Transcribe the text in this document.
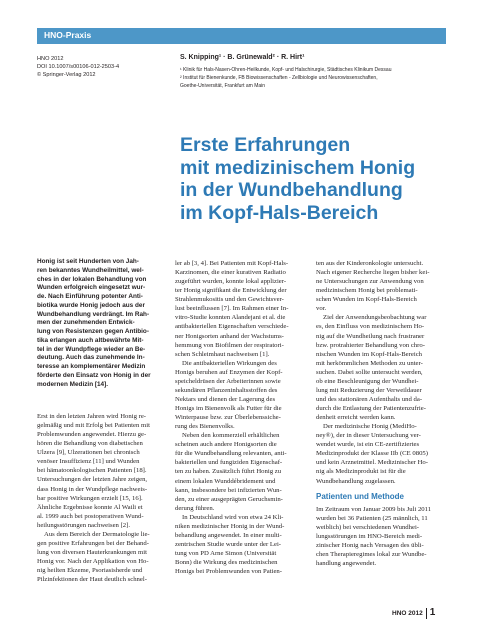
HNO-Praxis
HNO 2012
DOI 10.1007/s00106-012-2503-4
© Springer-Verlag 2012
S. Knipping¹ · B. Grünewald² · R. Hirt¹
¹ Klinik für Hals-Nasen-Ohren-Heilkunde, Kopf- und Halschirurgie, Städtisches Klinikum Dessau
² Institut für Bienenkunde, FB Biowissenschaften - Zellbiologie und Neurowissenschaften,
Goethe-Universität, Frankfurt am Main
Erste Erfahrungen
mit medizinischem Honig
in der Wundbehandlung
im Kopf-Hals-Bereich
Honig ist seit Hunderten von Jah-
ren bekanntes Wundheilmittel, wel-
ches in der lokalen Behandlung von
Wunden erfolgreich eingesetzt wur-
de. Nach Einführung potenter Anti-
biotika wurde Honig jedoch aus der
Wundbehandlung verdrängt. Im Rah-
men der zunehmenden Entwick-
lung von Resistenzen gegen Antibio-
tika erlangen auch altbewährte Mit-
tel in der Wundpflege wieder an Be-
deutung. Auch das zunehmende In-
teresse an komplementärer Medizin
förderte den Einsatz von Honig in der
modernen Medizin [14].
Erst in den letzten Jahren wird Honig re-
gelmäßig und mit Erfolg bei Patienten mit
Problemwunden angewendet. Hierzu ge-
hören die Behandlung von diabetischen
Ulzera [9], Ulzerationen bei chronisch
venöser Insuffizienz [11] und Wunden
bei hämatoonkologischen Patienten [18].
Untersuchungen der letzten Jahre zeigen,
dass Honig in der Wundpflege nachweis-
bar positive Wirkungen erzielt [15, 16].
Ähnliche Ergebnisse konnte Al Waili et
al. 1999 auch bei postoperativen Wund-
heilungsstörungen nachweisen [2].
Aus dem Bereich der Dermatologie lie-
gen positive Erfahrungen bei der Behand-
lung von diversen Hauterkrankungen mit
Honig vor. Nach der Applikation von Ho-
nig heilten Ekzeme, Psoriasisherde und
Pilzinfektionen der Haut deutlich schnel-
ler ab [3, 4]. Bei Patienten mit Kopf-Hals-
Karzinomen, die einer kurativen Radiatio
zugeführt wurden, konnte lokal applizier-
ter Honig signifikant die Entwicklung der
Strahlenmukositis und den Gewichtsver-
lust beeinflussen [7]. Im Rahmen einer In-
vitro-Studie konnten Alandejani et al. die
antibakteriellen Eigenschaften verschiede-
ner Honigsorten anhand der Wachstums-
hemmung von Biofilmen der respiratori-
schen Schleimhaut nachweisen [1].
Die antibakteriellen Wirkungen des
Honigs beruhen auf Enzymen der Kopf-
speicheldrüsen der Arbeiterinnen sowie
sekundären Pflanzeninhaltsstoffen des
Nektars und dienen der Lagerung des
Honigs im Bienenvolk als Futter für die
Winterpause bzw. zur Überlebenssiche-
rung des Bienenvolks.
Neben den kommerziell erhältlichen
scheinen auch andere Honigsorten die
für die Wundbehandlung relevanten, anti-
bakteriellen und fungiziden Eigenschaf-
ten zu haben. Zusätzlich führt Honig zu
einem lokalen Wunddébridement und
kann, insbesondere bei infizierten Wun-
den, zu einer ausgeprägten Geruchsmin-
derung führen.
In Deutschland wird von etwa 24 Kli-
niken medizinischer Honig in der Wund-
behandlung angewendet. In einer multi-
zentrischen Studie wurde unter der Lei-
tung von PD Arne Simon (Universität
Bonn) die Wirkung des medizinischen
Honigs bei Problemwunden von Patien-
ten aus der Kinderonkologie untersucht.
Nach eigener Recherche liegen bisher kei-
ne Untersuchungen zur Anwendung von
medizinischem Honig bei problemati-
schen Wunden im Kopf-Hals-Bereich
vor.
Ziel der Anwendungsbeobachtung war
es, den Einfluss von medizinischem Ho-
nig auf die Wundheilung nach frustraner
bzw. protrahierter Behandlung von chro-
nischen Wunden im Kopf-Hals-Bereich
mit herkömmlichen Methoden zu unter-
suchen. Dabei sollte untersucht werden,
ob eine Beschleunigung der Wundhei-
lung mit Reduzierung der Verweildauer
und des stationären Aufenthalts und da-
durch die Entlastung der Patientenzufrie-
denheit erreicht werden kann.
Der medizinische Honig (MediHo-
ney®), der in dieser Untersuchung ver-
wendet wurde, ist ein CE-zertifiziertes
Medizinprodukt der Klasse IIb (CE 0805)
und kein Arzneimittel. Medizinischer Ho-
nig als Medizinprodukt ist für die
Wundbehandlung zugelassen.
Patienten und Methode
Im Zeitraum von Januar 2009 bis Juli 2011
wurden bei 36 Patienten (25 männlich, 11
weiblich) bei verschiedenen Wundhei-
lungsstörungen im HNO-Bereich medi-
zinischer Honig nach Versagen des übli-
chen Therapieregimes lokal zur Wundbe-
handlung angewendet.
HNO 2012 1
